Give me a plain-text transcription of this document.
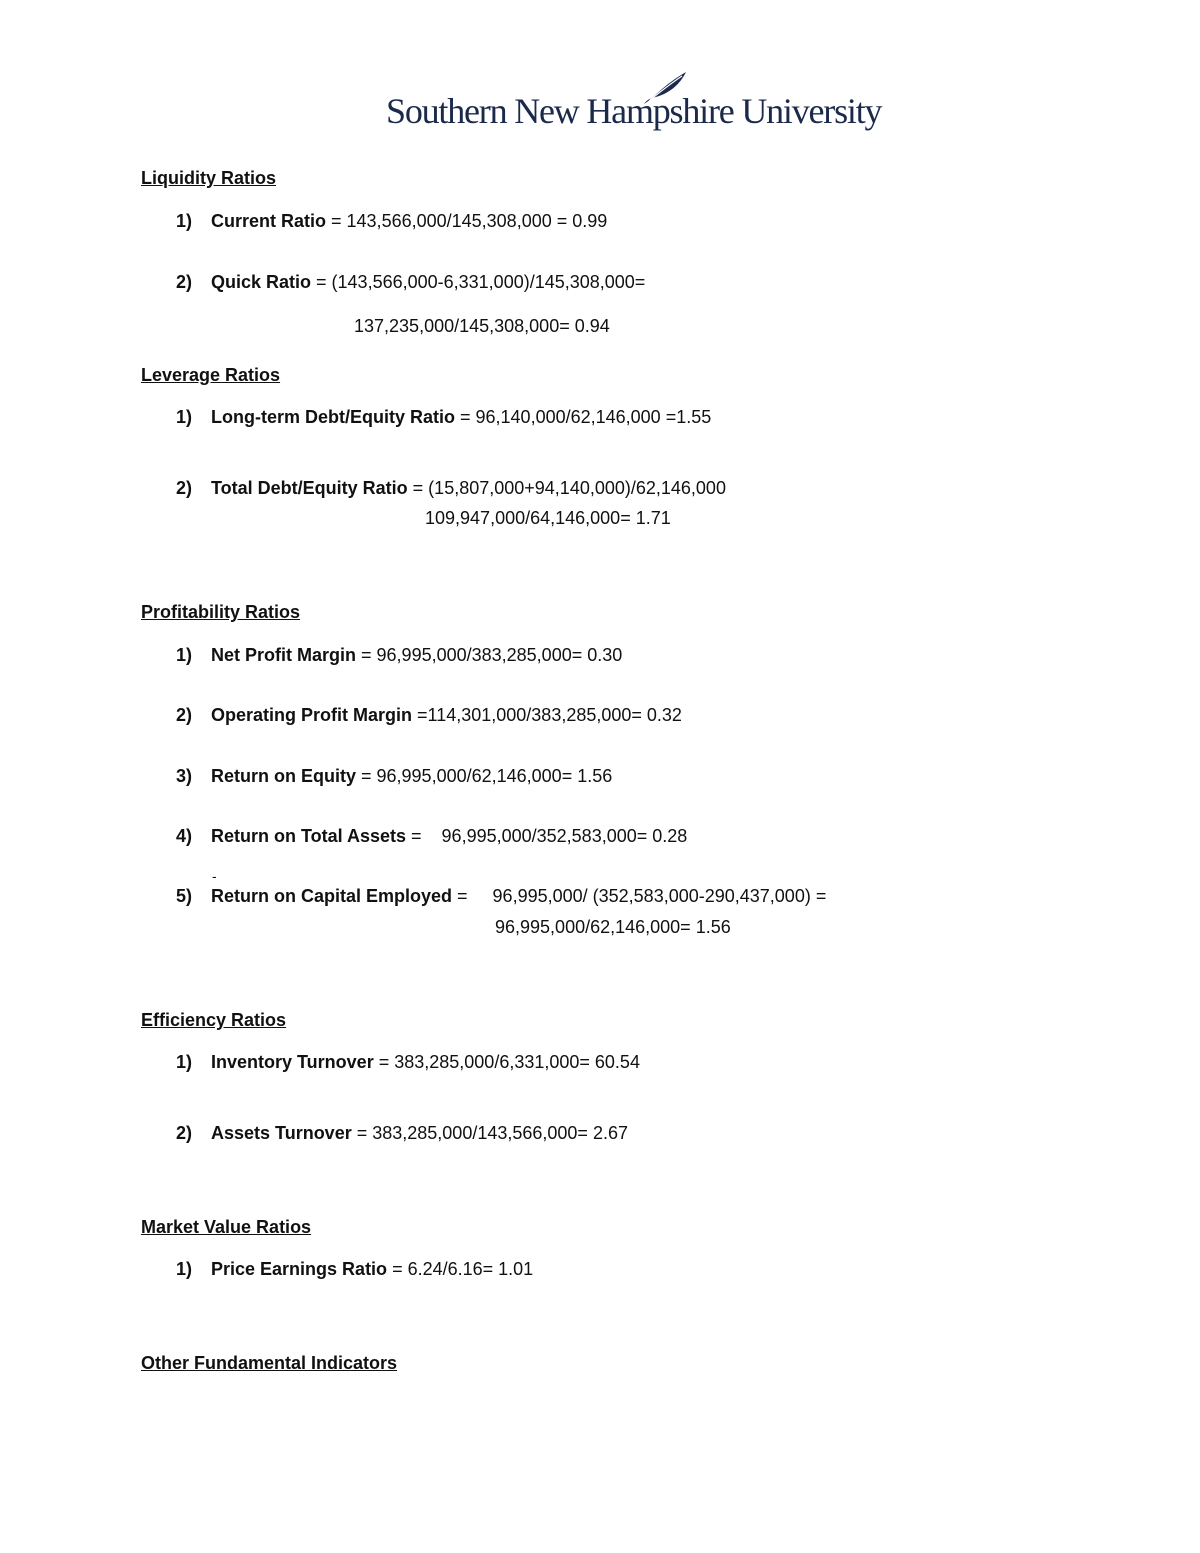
Southern New Hampshire University
Liquidity Ratios
1) Current Ratio = 143,566,000/145,308,000 = 0.99
2) Quick Ratio = (143,566,000-6,331,000)/145,308,000=
137,235,000/145,308,000= 0.94
Leverage Ratios
1) Long-term Debt/Equity Ratio = 96,140,000/62,146,000 =1.55
2) Total Debt/Equity Ratio = (15,807,000+94,140,000)/62,146,000
109,947,000/64,146,000= 1.71
Profitability Ratios
1) Net Profit Margin = 96,995,000/383,285,000= 0.30
2) Operating Profit Margin =114,301,000/383,285,000= 0.32
3) Return on Equity = 96,995,000/62,146,000= 1.56
4) Return on Total Assets =    96,995,000/352,583,000= 0.28
-
5) Return on Capital Employed =     96,995,000/ (352,583,000-290,437,000) =
96,995,000/62,146,000= 1.56
Efficiency Ratios
1) Inventory Turnover = 383,285,000/6,331,000= 60.54
2) Assets Turnover = 383,285,000/143,566,000= 2.67
Market Value Ratios
1) Price Earnings Ratio = 6.24/6.16= 1.01
Other Fundamental Indicators
